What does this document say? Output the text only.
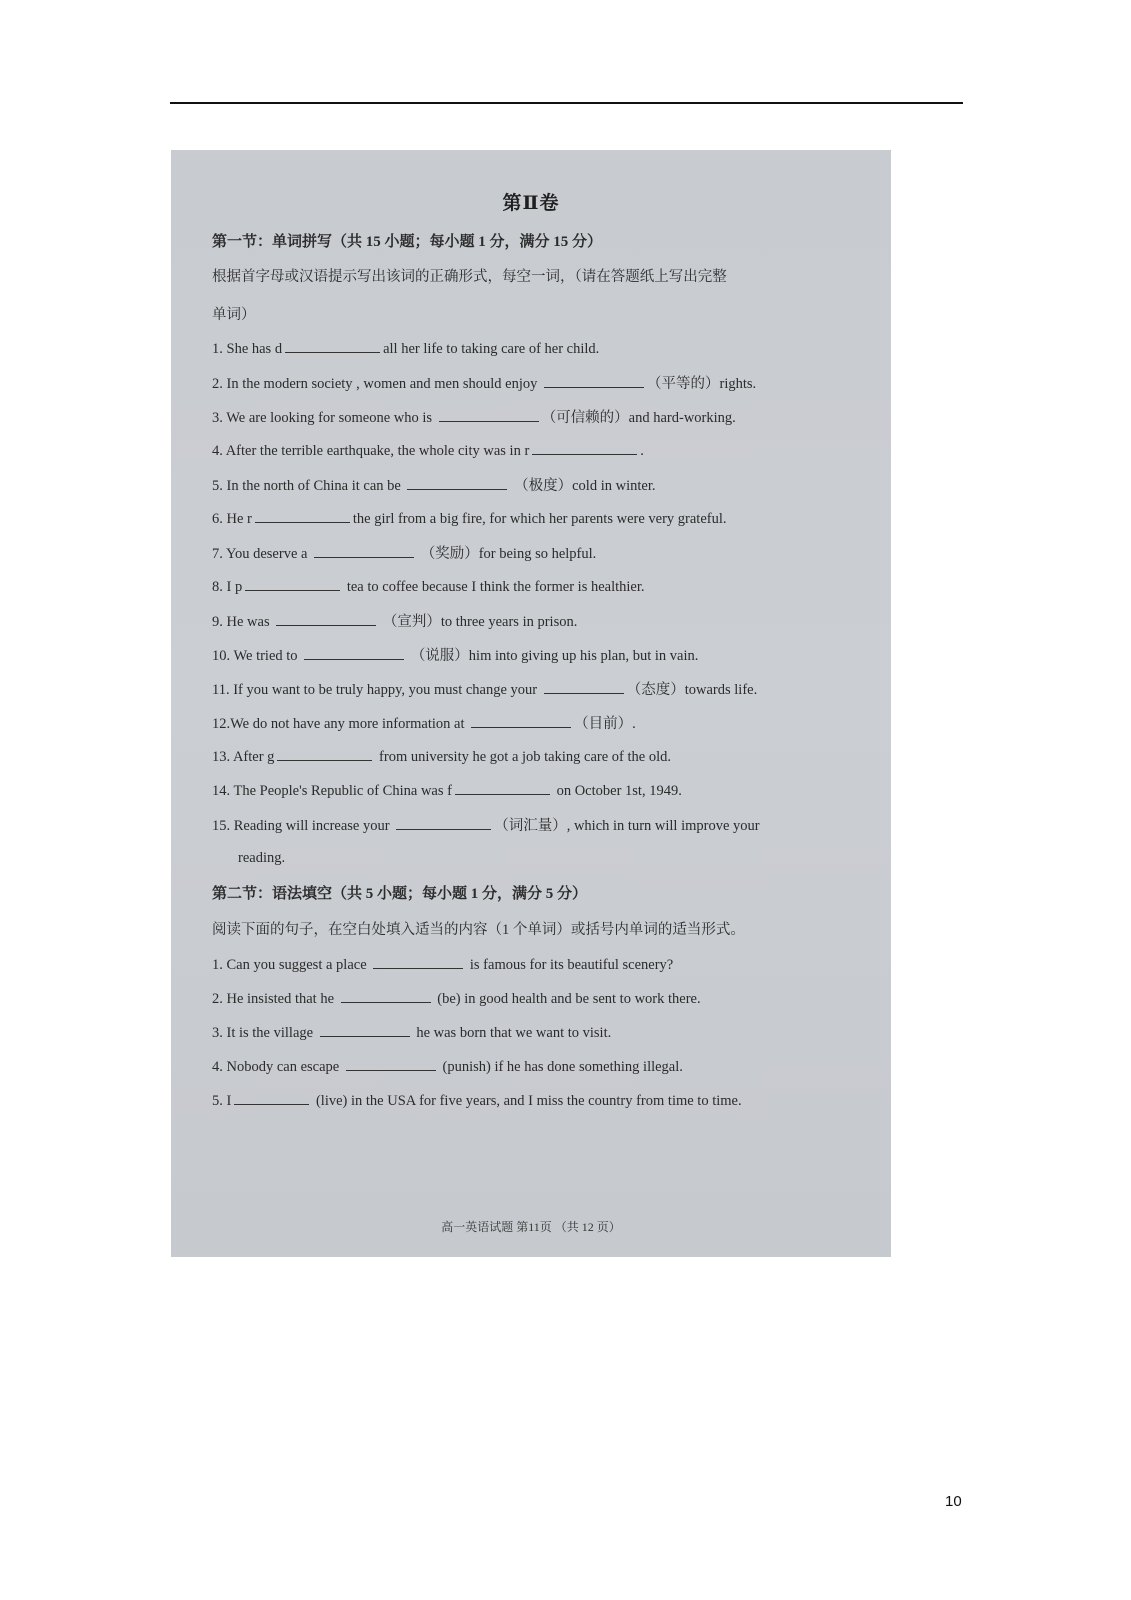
第Ⅱ卷
第一节：单词拼写（共 15 小题；每小题 1 分，满分 15 分）
根据首字母或汉语提示写出该词的正确形式，每空一词，（请在答题纸上写出完整
单词）
1. She has d	all her life to taking care of her child.
2. In the modern society , women and men should enjoy	（平等的）rights.
3. We are looking for someone who is	（可信赖的）and hard-working.
4. After the terrible earthquake, the whole city was in r	.
5. In the north of China it can be	（极度）cold in winter.
6. He r	the girl from a big fire, for which her parents were very grateful.
7. You deserve a	（奖励）for being so helpful.
8. I p	tea to coffee because I think the former is healthier.
9. He was	（宣判）to three years in prison.
10. We tried to	（说服）him into giving up his plan, but in vain.
11. If you want to be truly happy, you must change your	（态度）towards life.
12.We do not have any more information at	（目前）.
13. After g	from university he got a job taking care of the old.
14. The People's Republic of China was f	on October 1st, 1949.
15. Reading will increase your	（词汇量）, which in turn will improve your
reading.
第二节：语法填空（共 5 小题；每小题 1 分，满分 5 分）
阅读下面的句子，在空白处填入适当的内容（1 个单词）或括号内单词的适当形式。
1. Can you suggest a place	is famous for its beautiful scenery?
2. He insisted that he	(be) in good health and be sent to work there.
3. It is the village	he was born that we want to visit.
4. Nobody can escape	(punish) if he has done something illegal.
5. I	(live) in the USA for five years, and I miss the country from time to time.
高一英语试题 第11页 （共 12 页）
10
